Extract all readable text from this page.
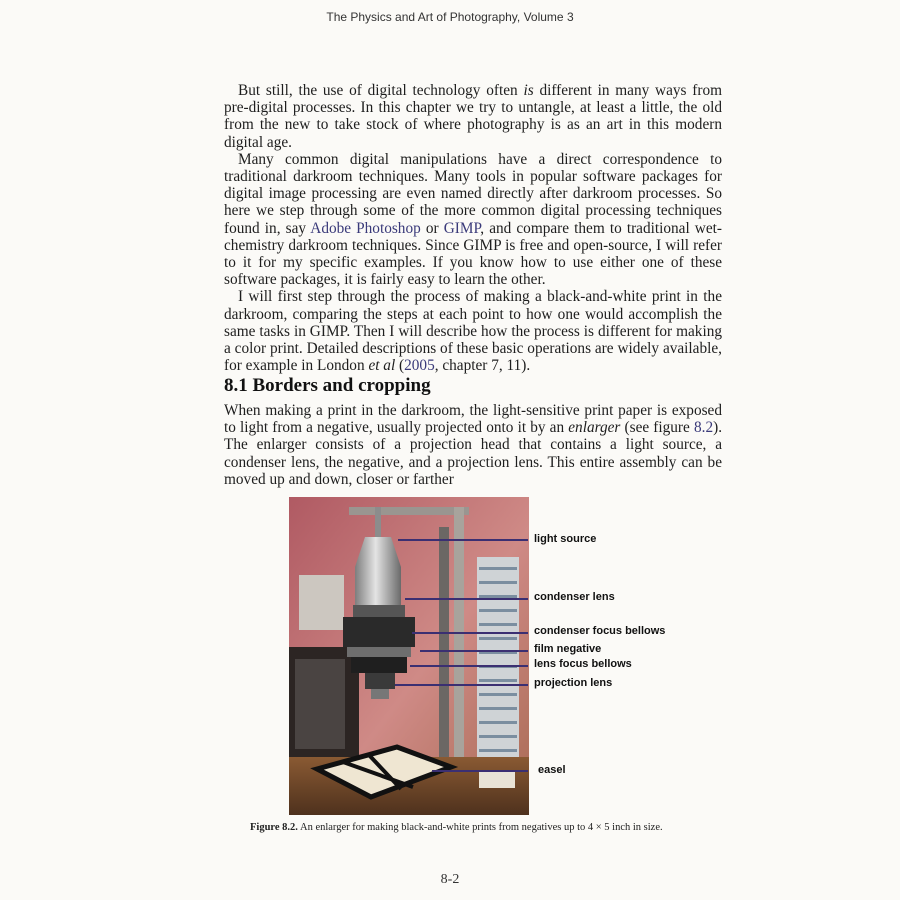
The Physics and Art of Photography, Volume 3

But still, the use of digital technology often is different in many ways from pre-digital processes. In this chapter we try to untangle, at least a little, the old from the new to take stock of where photography is as an art in this modern digital age.

Many common digital manipulations have a direct correspondence to traditional darkroom techniques. Many tools in popular software packages for digital image processing are even named directly after darkroom processes. So here we step through some of the more common digital processing techniques found in, say Adobe Photoshop or GIMP, and compare them to traditional wet-chemistry darkroom techniques. Since GIMP is free and open-source, I will refer to it for my specific examples. If you know how to use either one of these software packages, it is fairly easy to learn the other.

I will first step through the process of making a black-and-white print in the darkroom, comparing the steps at each point to how one would accomplish the same tasks in GIMP. Then I will describe how the process is different for making a color print. Detailed descriptions of these basic operations are widely available, for example in London et al (2005, chapter 7, 11).

8.1 Borders and cropping

When making a print in the darkroom, the light-sensitive print paper is exposed to light from a negative, usually projected onto it by an enlarger (see figure 8.2). The enlarger consists of a projection head that contains a light source, a condenser lens, the negative, and a projection lens. This entire assembly can be moved up and down, closer or farther

light source
condenser lens
condenser focus bellows
film negative
lens focus bellows
projection lens
easel
Figure 8.2. An enlarger for making black-and-white prints from negatives up to 4 × 5 inch in size.
8-2
